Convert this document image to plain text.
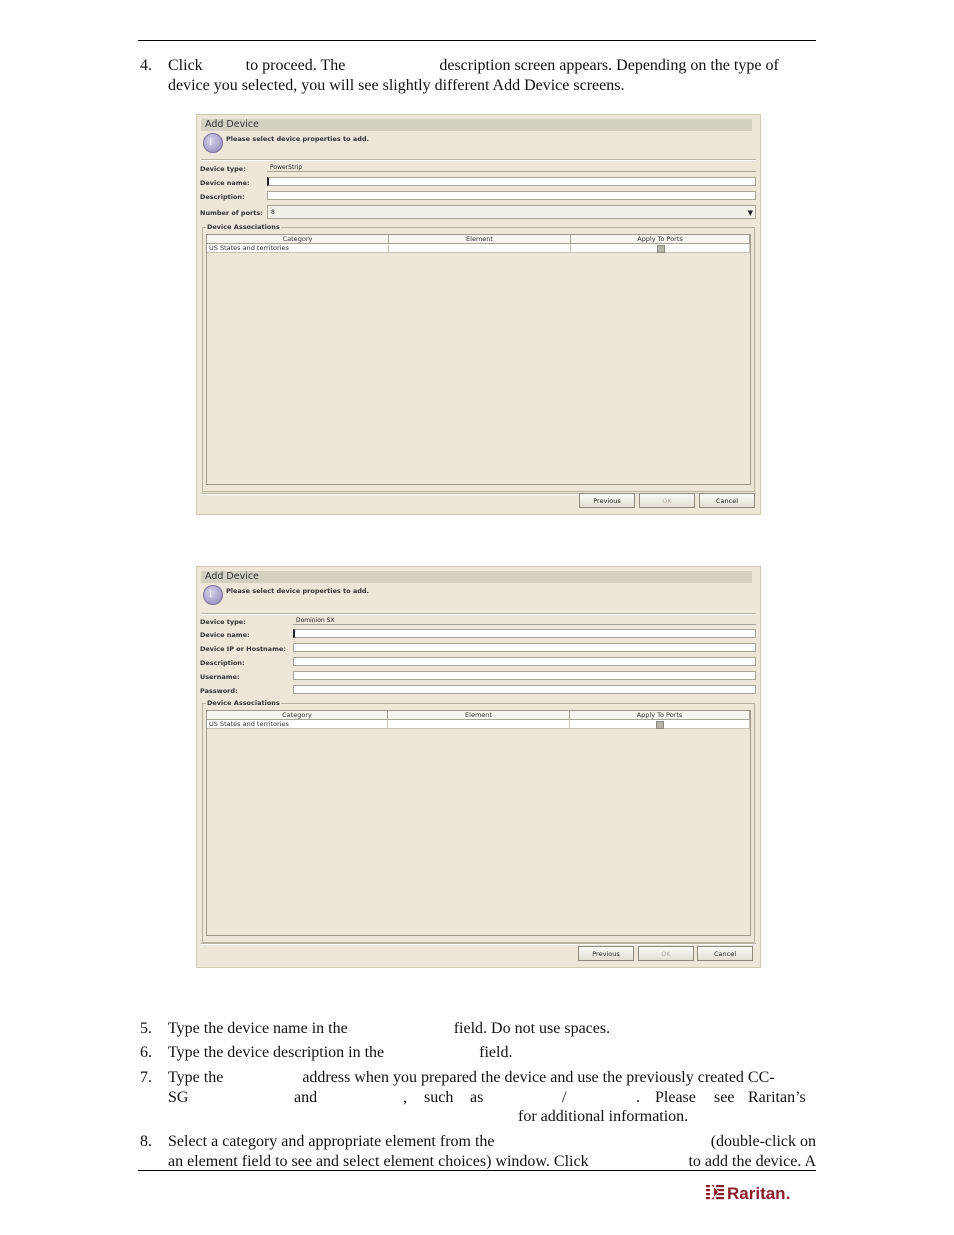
4. Click	to proceed. The	description screen appears. Depending on the type of
device you selected, you will see slightly different Add Device screens.
Add Device
i Please select device properties to add.
Device type:	PowerStrip
Device name:
Description:
Number of ports:	8	▼
Device Associations
Category	Element	Apply To Ports
US States and territories
Previous	OK	Cancel
Add Device
i Please select device properties to add.
Device type:	Dominion SX
Device name:
Device IP or Hostname:
Description:
Username:
Password:
Device Associations
Category	Element	Apply To Ports
US States and territories
Previous	OK	Cancel
5. Type the device name in the	field. Do not use spaces.
6. Type the device description in the	field.
7. Type the	address when you prepared the device and use the previously created CC-
SG	and	, such as	/	. Please see Raritan’s
for additional information.
8. Select a category and appropriate element from the	(double-click on
an element field to see and select element choices) window. Click	to add the device. A
Raritan.
